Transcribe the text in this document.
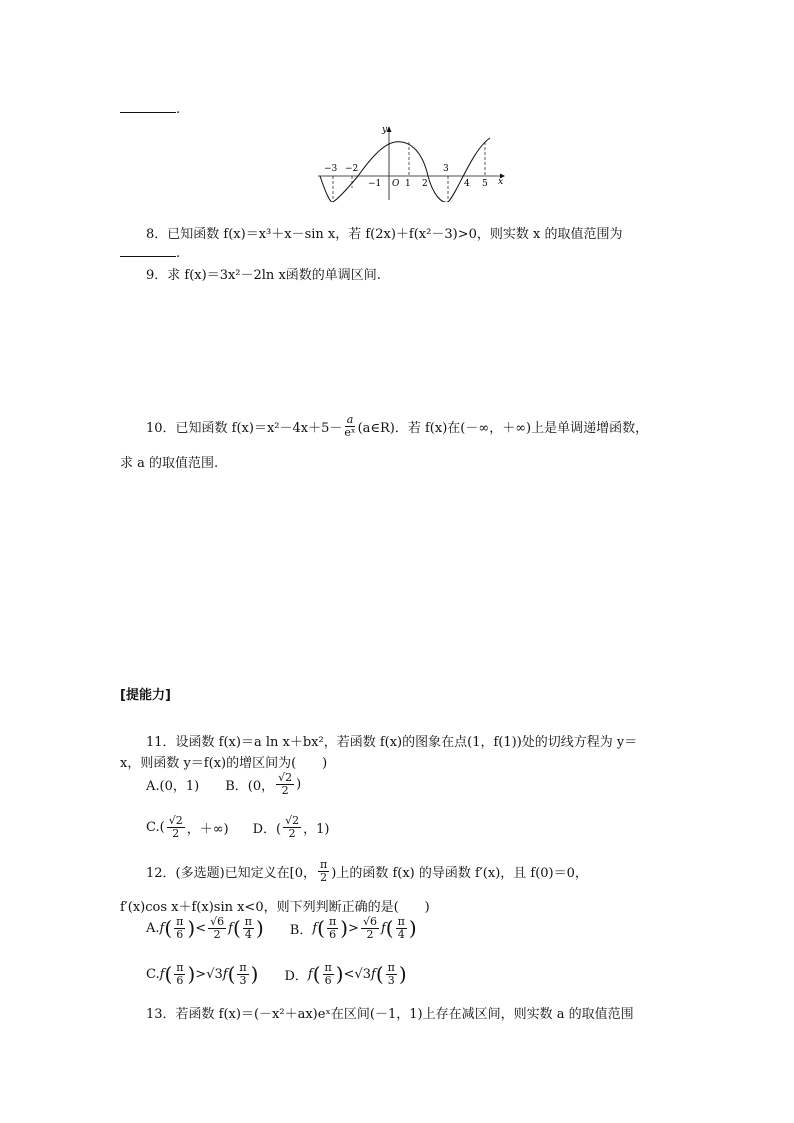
.
y
x
O
−3 −2	3
−1	1 2	4 5
8．已知函数 f(x)＝x³＋x－sin x，若 f(2x)＋f(x²－3)>0，则实数 x 的取值范围为
.
9．求 f(x)＝3x²－2ln x函数的单调区间.
10．已知函数 $f(x)=x^2-4x+5- \frac{a}{\text{eˣ}}$ (a∈R)．若 f(x)在(－∞，＋∞)上是单调递增函数，
求 a 的取值范围.
[提能力]
11．设函数 f(x)＝a ln x＋bx²，若函数 f(x)的图象在点(1，f(1))处的切线方程为 y＝
x，则函数 y＝f(x)的增区间为(　　)
A.(0，1) B．(0， $\frac{√2}{2}$ )
$C.( \frac{√2}{2}$ ，＋∞) D．( $\frac{√2}{2}$ ，1)
12．(多选题)已知定义在[0， $\frac{\pi}{2}$ )上的函数 f(x) 的导函数 f′(x)，且 f(0)＝0，
f′(x)cos x＋f(x)sin x<0，则下列判断正确的是(　　)
A. f ( $\frac{\pi}{6}$ ) < $\frac{√6}{2}$ f ( $\frac{\pi}{4}$ ) B． f ( $\frac{\pi}{6}$ ) > $\frac{√6}{2}$ f ( $\frac{\pi}{4}$ )
C. f ( $\frac{\pi}{6}$ ) > √3 f ( $\frac{\pi}{3}$ ) D． f ( $\frac{\pi}{6}$ ) < √3 f ( $\frac{\pi}{3}$ )
13．若函数 f(x)＝(－x²＋ax)eˣ在区间(－1，1)上存在减区间，则实数 a 的取值范围
